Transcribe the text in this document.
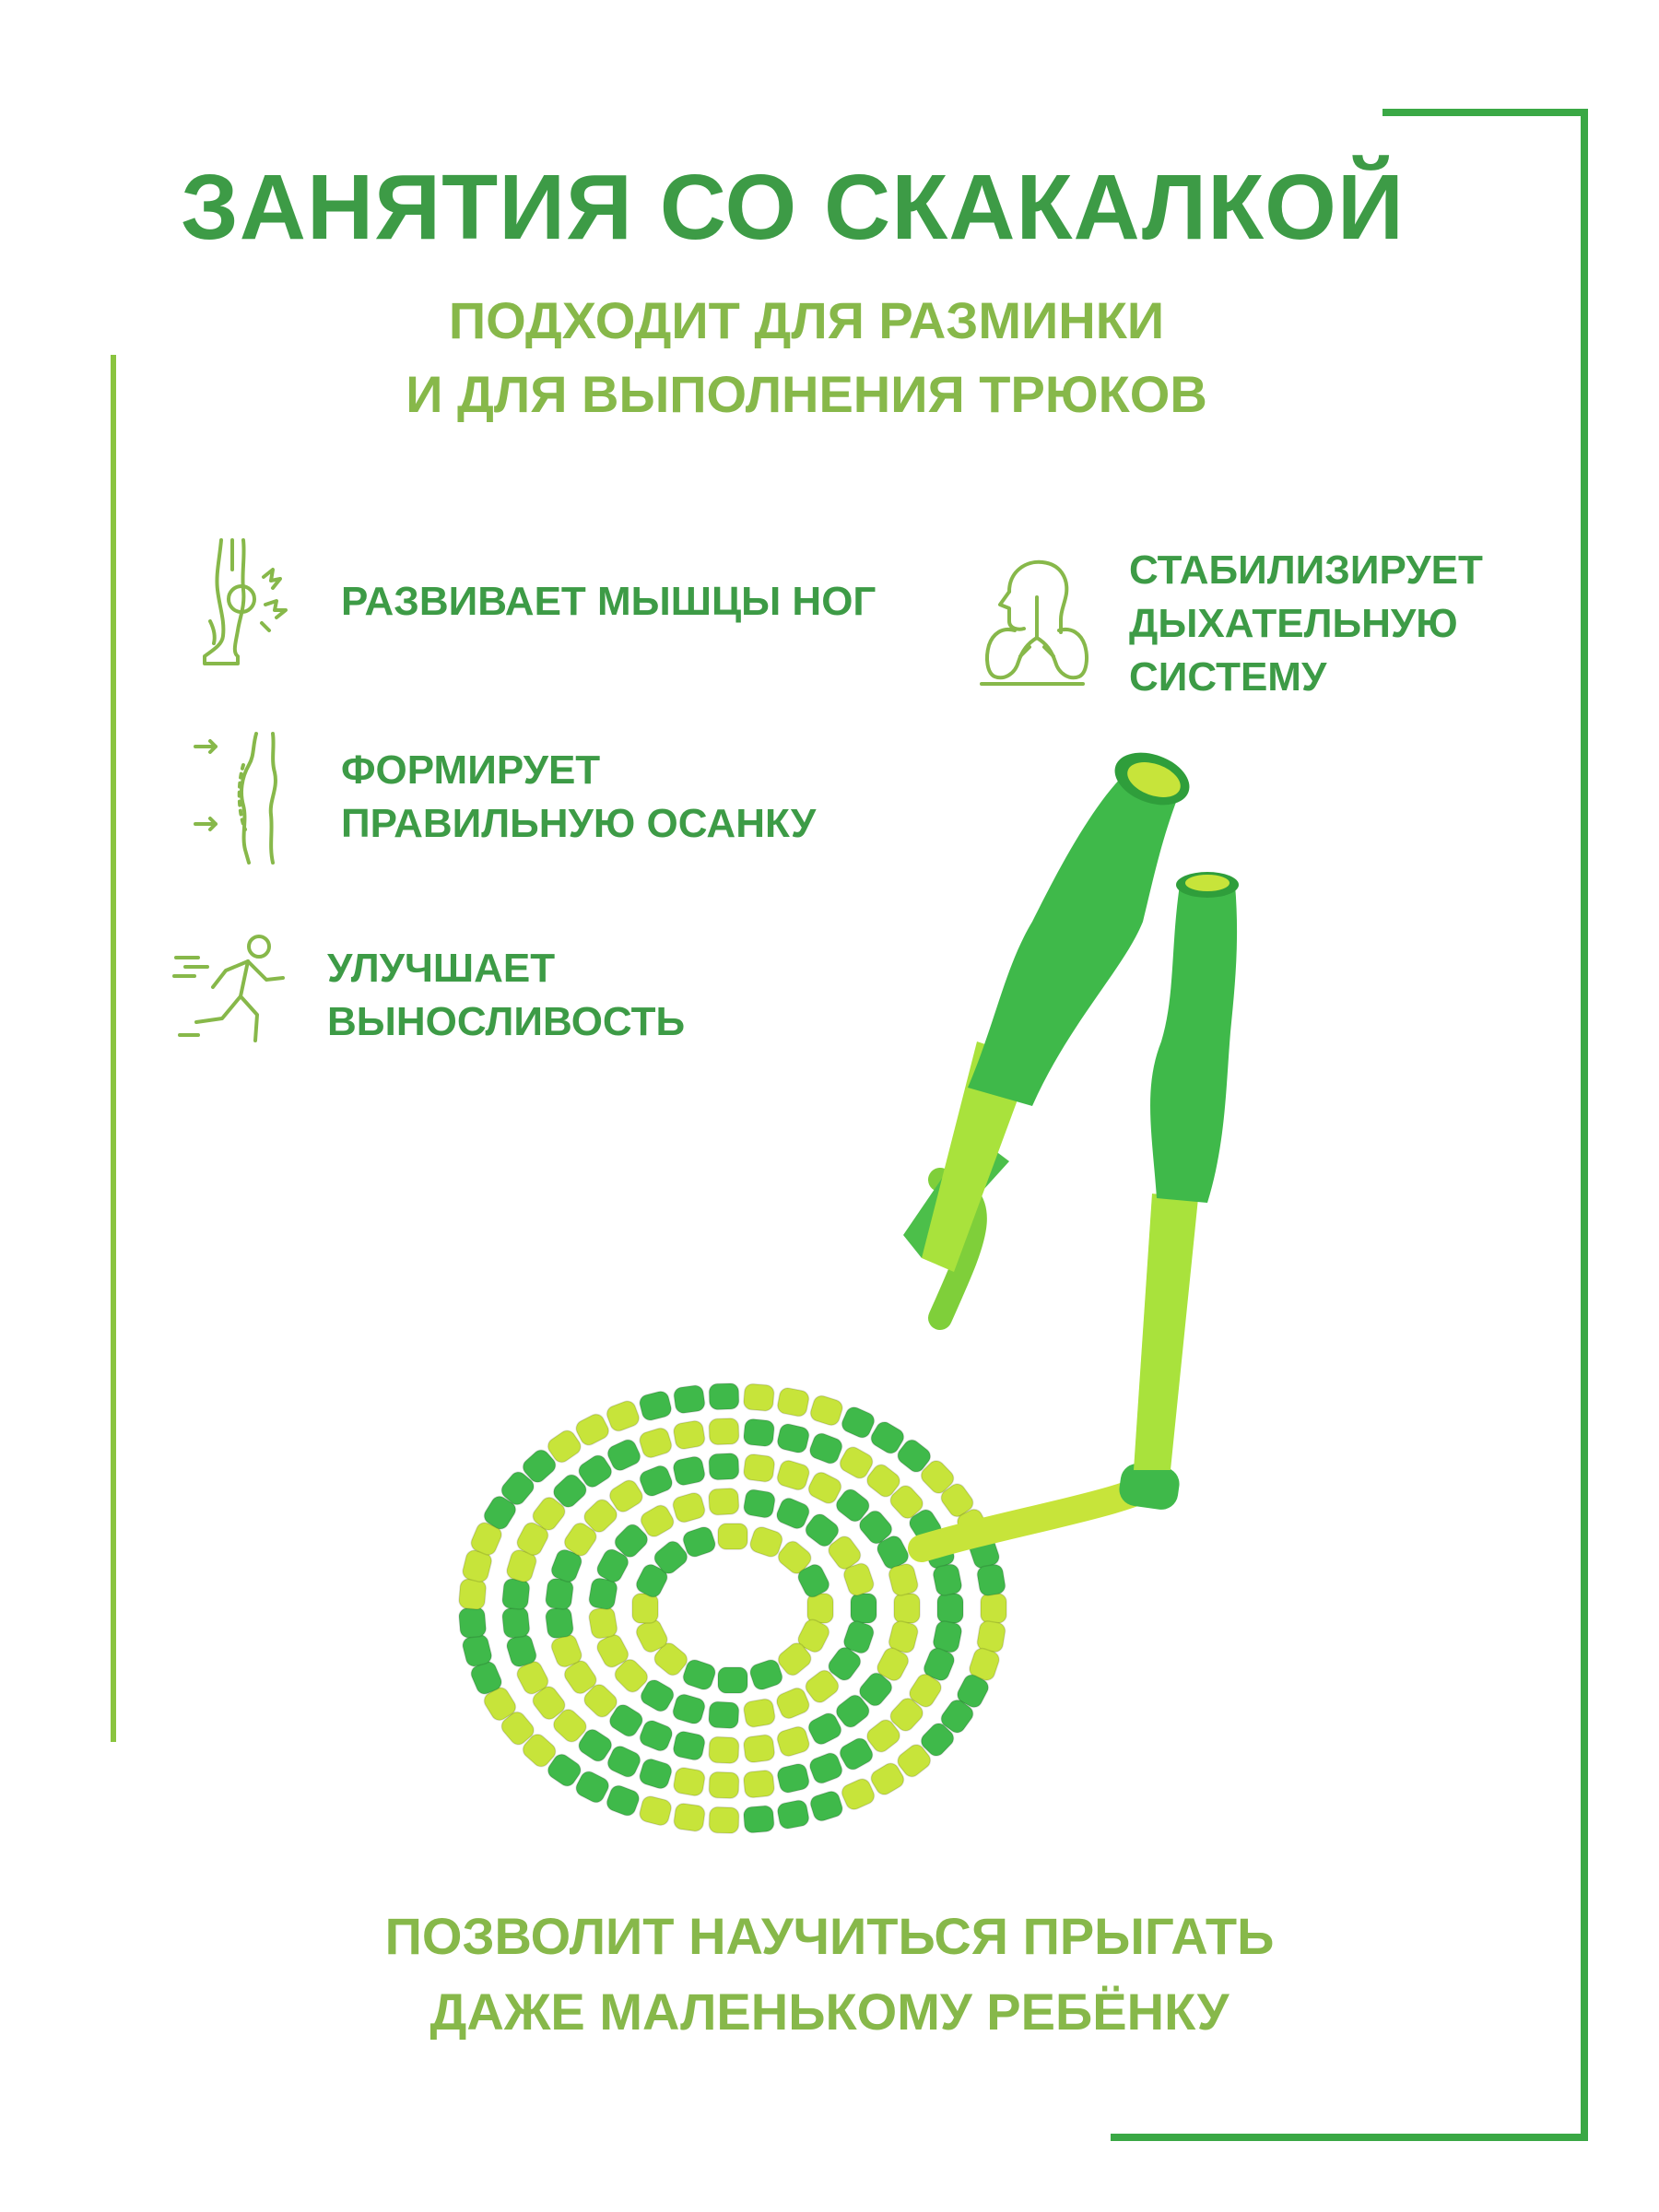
ЗАНЯТИЯ СО СКАКАЛКОЙ
ПОДХОДИТ ДЛЯ РАЗМИНКИ
И ДЛЯ ВЫПОЛНЕНИЯ ТРЮКОВ
РАЗВИВАЕТ МЫШЦЫ НОГ
ФОРМИРУЕТ
ПРАВИЛЬНУЮ ОСАНКУ
УЛУЧШАЕТ
ВЫНОСЛИВОСТЬ
СТАБИЛИЗИРУЕТ
ДЫХАТЕЛЬНУЮ
СИСТЕМУ
ПОЗВОЛИТ НАУЧИТЬСЯ ПРЫГАТЬ
ДАЖЕ МАЛЕНЬКОМУ РЕБЁНКУ
